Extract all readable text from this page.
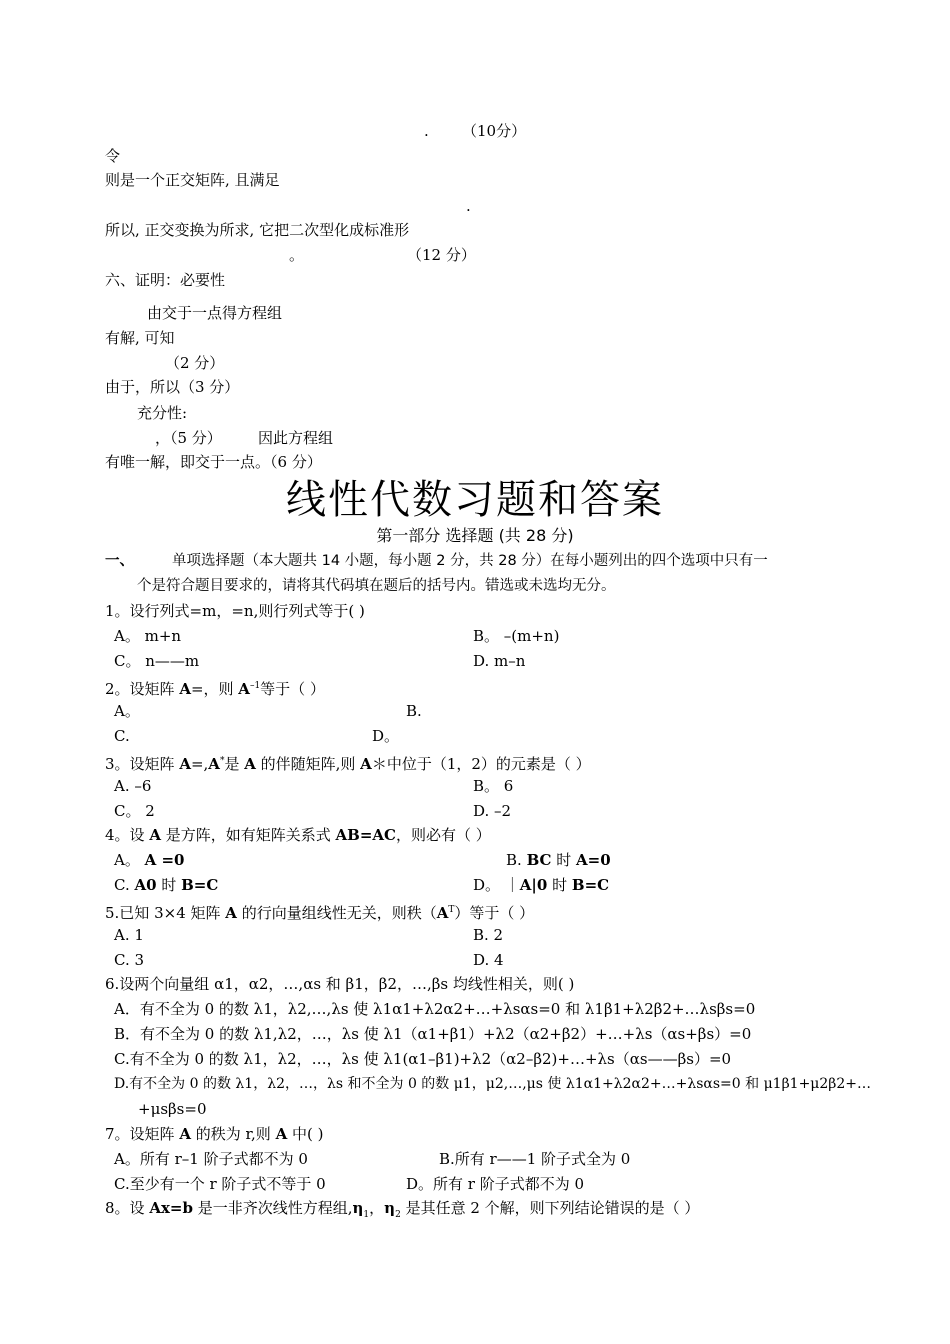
. （10分）
令
则是一个正交矩阵, 且满足
.
所以, 正交变换为所求, 它把二次型化成标准形
。	（12 分）
六、证明：必要性
由交于一点得方程组
有解, 可知
（2 分）
由于，所以（3 分）
充分性:
，（5 分） 因此方程组
有唯一解，即交于一点。（6 分）
线性代数习题和答案
第一部分 选择题 (共 28 分)
一、	单项选择题（本大题共 14 小题，每小题 2 分，共 28 分）在每小题列出的四个选项中只有一
个是符合题目要求的，请将其代码填在题后的括号内。错选或未选均无分。
1。设行列式=m，=n,则行列式等于( )
A。 m+n	B。 –(m+n)
C。 n——m	D. m–n
2。设矩阵 A=，则 $A^{-1}$等于（ ）
A。	B.
C.	D。
3。设矩阵 A=,A*是 A 的伴随矩阵,则 A＊中位于（1，2）的元素是（ ）
A. –6	B。 6
C。 2	D. –2
4。设 A 是方阵，如有矩阵关系式 AB=AC，则必有（ ）
A。 A =0	B. BC 时 A=0
C. A0 时 B=C	D。 ｜A|0 时 B=C
5.已知 3×4 矩阵 A 的行向量组线性无关，则秩$(A^T)$等于（ ）
A. 1	B. 2
C. 3	D. 4
6.设两个向量组 α1，α2，…,αs 和 β1，β2，…,βs 均线性相关，则( )
A．有不全为 0 的数 λ1，λ2,…,λs 使 λ1α1+λ2α2+…+λsαs=0 和 λ1β1+λ2β2+…λsβs=0
B．有不全为 0 的数 λ1,λ2，…，λs 使 λ1（α1+β1）+λ2（α2+β2）+…+λs（αs+βs）=0
C.有不全为 0 的数 λ1，λ2，…，λs 使 λ1(α1–β1)+λ2（α2–β2)+…+λs（αs——βs）=0
D.有不全为 0 的数 λ1，λ2，…，λs 和不全为 0 的数 μ1，μ2,…,μs 使 λ1α1+λ2α2+…+λsαs=0 和 μ1β1+μ2β2+…
+μsβs=0
7。设矩阵 A 的秩为 r,则 A 中( )
A。所有 r–1 阶子式都不为 0	B.所有 r——1 阶子式全为 0
C.至少有一个 r 阶子式不等于 0	D。所有 r 阶子式都不为 0
8。设 Ax=b 是一非齐次线性方程组$,\eta_1$，$\eta_2$ 是其任意 2 个解，则下列结论错误的是（ ）
